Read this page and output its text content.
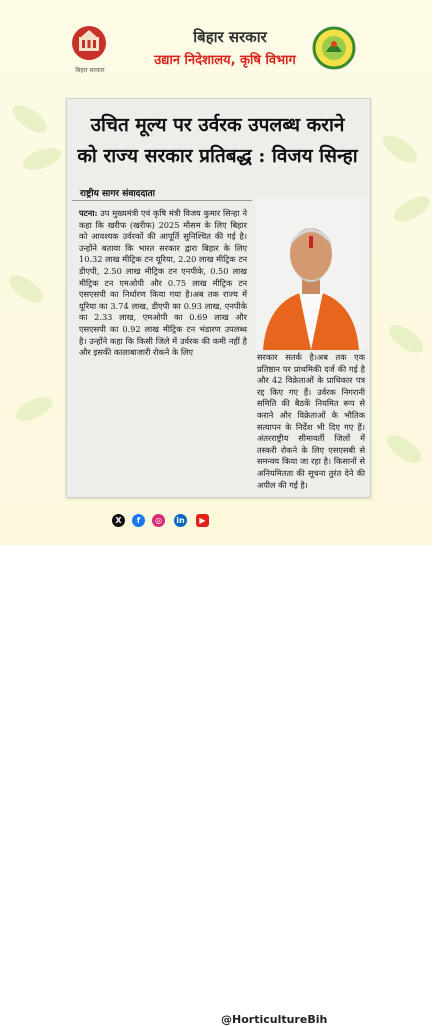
बिहार सरकार
बिहार सरकार
उद्यान निदेशालय, कृषि विभाग
उचित मूल्य पर उर्वरक उपलब्ध कराने
को राज्य सरकार प्रतिबद्ध : विजय सिन्हा
राष्ट्रीय सागर संवाददाता
पटना: उप मुख्यमंत्री एवं कृषि मंत्री विजय कुमार सिन्हा ने कहा कि खरीफ (खरीफ) 2025 मौसम के लिए बिहार को आवश्यक उर्वरकों की आपूर्ति सुनिश्चित की गई है। उन्होंने बताया कि भारत सरकार द्वारा बिहार के लिए 10.32 लाख मीट्रिक टन यूरिया, 2.20 लाख मीट्रिक टन डीएपी, 2.50 लाख मीट्रिक टन एनपीके, 0.50 लाख मीट्रिक टन एमओपी और 0.75 लाख मीट्रिक टन एसएसपी का निर्धारण किया गया है।अब तक राज्य में यूरिया का 3.74 लाख, डीएपी का 0.93 लाख, एनपीके का 2.33 लाख, एमओपी का 0.69 लाख और एसएसपी का 0.92 लाख मीट्रिक टन भंडारण उपलब्ध है। उन्होंने कहा कि किसी जिले में उर्वरक की कमी नहीं है और इसकी कालाबाजारी रोकने के लिए	सरकार सतर्क है।अब तक एक प्रतिष्ठान पर प्राथमिकी दर्ज की गई है और 42 विक्रेताओं के प्राधिकार पत्र रद्द किए गए हैं। उर्वरक निगरानी समिति की बैठकें नियमित रूप से कराने और विक्रेताओं के भौतिक सत्यापन के निर्देश भी दिए गए हैं। अंतरराष्ट्रीय सीमावर्ती जिलों में तस्करी रोकने के लिए एसएसबी से समन्वय किया जा रहा है। किसानों से अनियमितता की सूचना तुरंत देने की अपील की गई है।
X	f	◎	in	▶
@HorticultureBih
